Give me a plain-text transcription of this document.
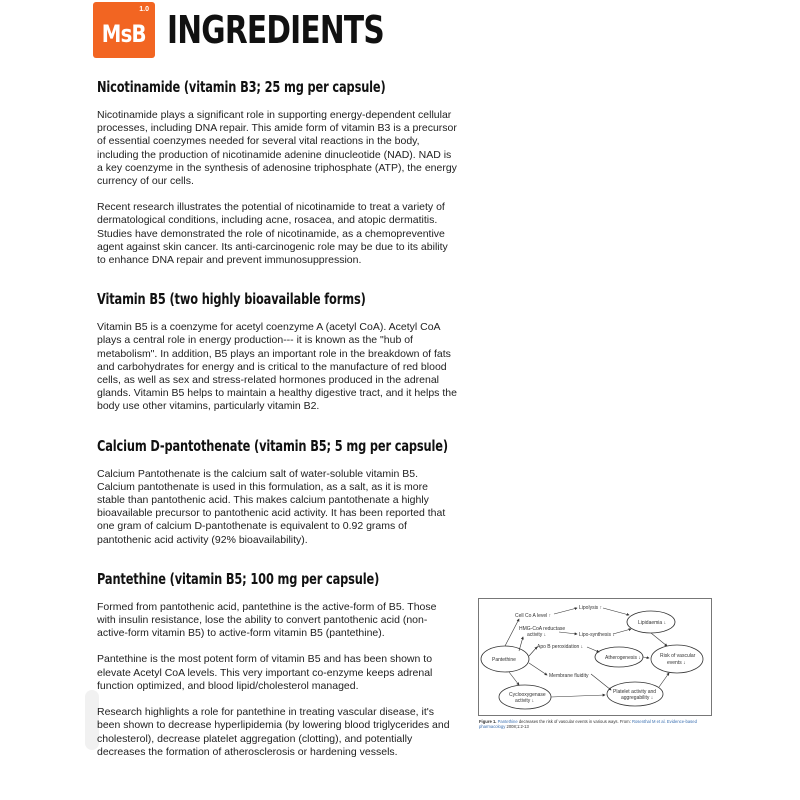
MsB
1.0 INGREDIENTS
Nicotinamide (vitamin B3; 25 mg per capsule)

Nicotinamide plays a significant role in supporting energy-dependent cellular processes, including DNA repair. This amide form of vitamin B3 is a precursor of essential coenzymes needed for several vital reactions in the body, including the production of nicotinamide adenine dinucleotide (NAD). NAD is a key coenzyme in the synthesis of adenosine triphosphate (ATP), the energy currency of our cells.

Recent research illustrates the potential of nicotinamide to treat a variety of dermatological conditions, including acne, rosacea, and atopic dermatitis. Studies have demonstrated the role of nicotinamide, as a chemopreventive agent against skin cancer. Its anti-carcinogenic role may be due to its ability to enhance DNA repair and prevent immunosuppression.

Vitamin B5 (two highly bioavailable forms)

Vitamin B5 is a coenzyme for acetyl coenzyme A (acetyl CoA). Acetyl CoA plays a central role in energy production--- it is known as the "hub of metabolism". In addition, B5 plays an important role in the breakdown of fats and carbohydrates for energy and is critical to the manufacture of red blood cells, as well as sex and stress-related hormones produced in the adrenal glands. Vitamin B5 helps to maintain a healthy digestive tract, and it helps the body use other vitamins, particularly vitamin B2.

Calcium D-pantothenate (vitamin B5; 5 mg per capsule)

Calcium Pantothenate is the calcium salt of water-soluble vitamin B5. Calcium pantothenate is used in this formulation, as a salt, as it is more stable than pantothenic acid. This makes calcium pantothenate a highly bioavailable precursor to pantothenic acid activity. It has been reported that one gram of calcium D-pantothenate is equivalent to 0.92 grams of pantothenic acid activity (92% bioavailability).

Pantethine (vitamin B5; 100 mg per capsule)

Formed from pantothenic acid, pantethine is the active-form of B5. Those with insulin resistance, lose the ability to convert pantothenic acid (non-active-form vitamin B5) to active-form vitamin B5 (pantethine).

Pantethine is the most potent form of vitamin B5 and has been shown to elevate Acetyl CoA levels. This very important co-enzyme keeps adrenal function optimized, and blood lipid/cholesterol managed.

Research highlights a role for pantethine in treating vascular disease, it's been shown to decrease hyperlipidemia (by lowering blood triglycerides and cholesterol), decrease platelet aggregation (clotting), and potentially decreases the formation of atherosclerosis or hardening vessels.

Pantethine
Cell Co A level ↑
Lipolysis ↑
Lipidaemia ↓
HMG-CoA reductase
activity ↓	Lipo-synthesis ↓
Apo B peroxidation ↓
Atherogenesis ↓	Risk of vascular
events ↓
Membrane fluidity
Cyclooxygenase
activity ↓
Platelet activity and
aggregability ↓
Figure 1. Pantethine decreases the risk of vascular events in various ways. From: Rosenthal M et al. Evidence-based pharmacology 2008;1:2-13
